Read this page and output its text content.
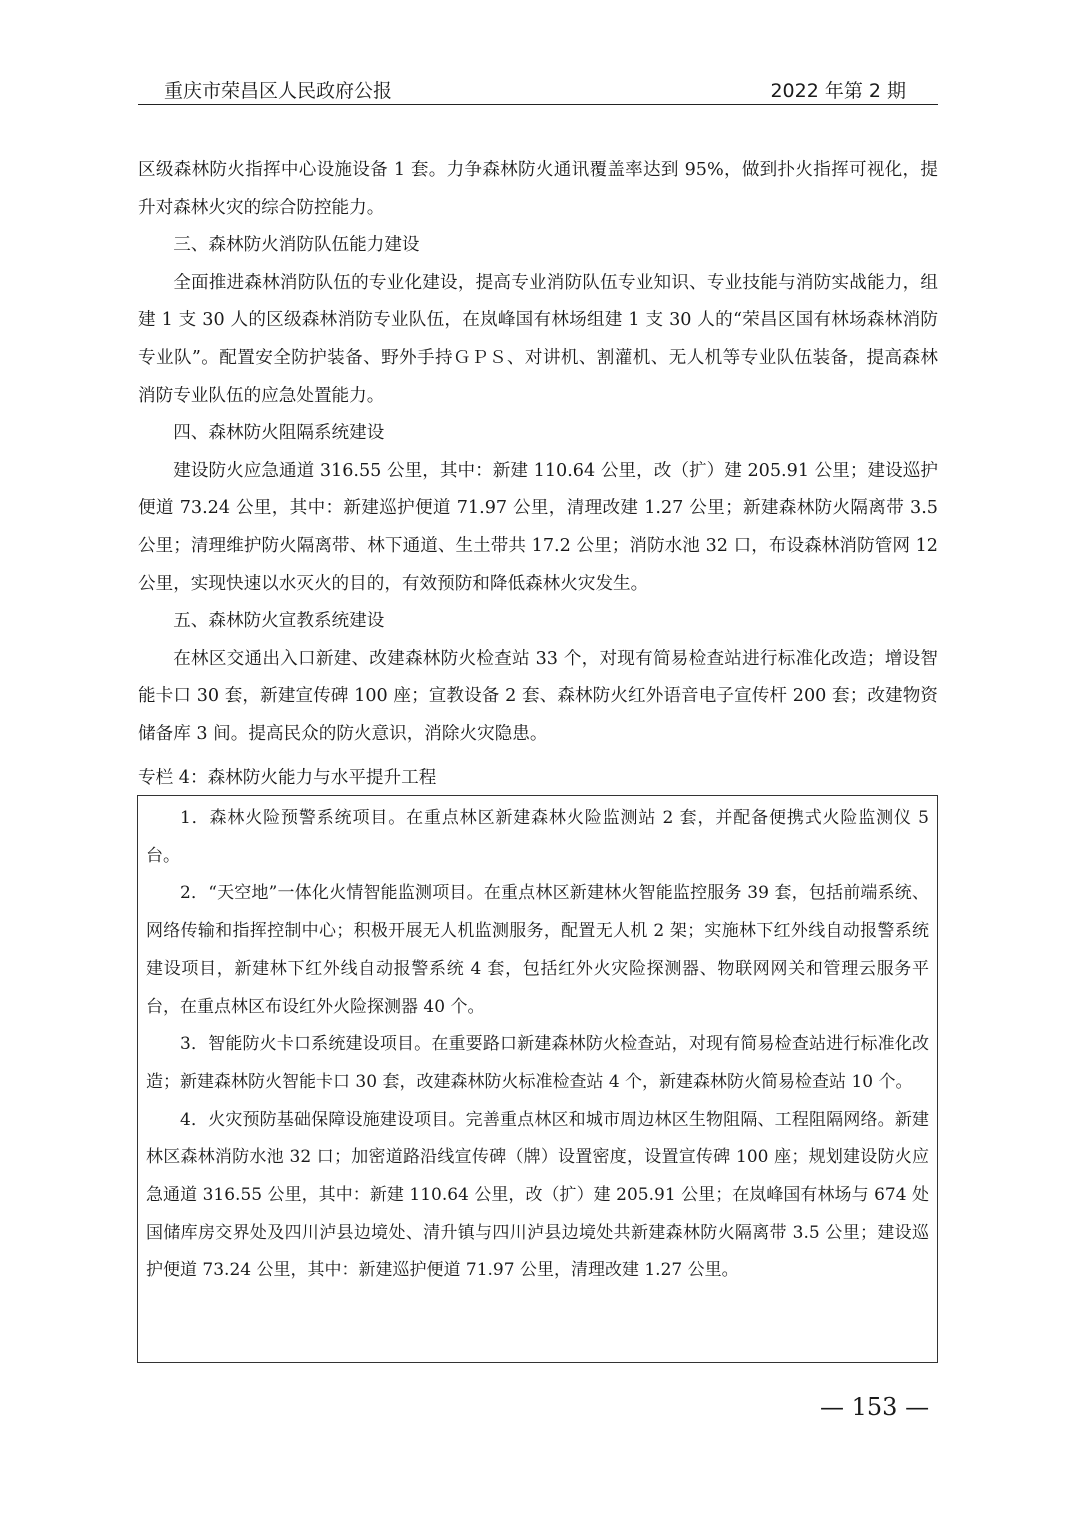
重庆市荣昌区人民政府公报	2022 年第 2 期

区级森林防火指挥中心设施设备 1 套。力争森林防火通讯覆盖率达到 95%，做到扑火指挥可视化，提升对森林火灾的综合防控能力。

三、森林防火消防队伍能力建设

全面推进森林消防队伍的专业化建设，提高专业消防队伍专业知识、专业技能与消防实战能力，组建 1 支 30 人的区级森林消防专业队伍，在岚峰国有林场组建 1 支 30 人的“荣昌区国有林场森林消防专业队”。配置安全防护装备、野外手持ＧＰＳ、对讲机、割灌机、无人机等专业队伍装备，提高森林消防专业队伍的应急处置能力。

四、森林防火阻隔系统建设

建设防火应急通道 316.55 公里，其中：新建 110.64 公里，改（扩）建 205.91 公里；建设巡护便道 73.24 公里，其中：新建巡护便道 71.97 公里，清理改建 1.27 公里；新建森林防火隔离带 3.5 公里；清理维护防火隔离带、林下通道、生土带共 17.2 公里；消防水池 32 口，布设森林消防管网 12 公里，实现快速以水灭火的目的，有效预防和降低森林火灾发生。

五、森林防火宣教系统建设

在林区交通出入口新建、改建森林防火检查站 33 个，对现有简易检查站进行标准化改造；增设智能卡口 30 套，新建宣传碑 100 座；宣教设备 2 套、森林防火红外语音电子宣传杆 200 套；改建物资储备库 3 间。提高民众的防火意识，消除火灾隐患。

专栏 4：森林防火能力与水平提升工程

1．森林火险预警系统项目。在重点林区新建森林火险监测站 2 套，并配备便携式火险监测仪 5 台。

2．“天空地”一体化火情智能监测项目。在重点林区新建林火智能监控服务 39 套，包括前端系统、网络传输和指挥控制中心；积极开展无人机监测服务，配置无人机 2 架；实施林下红外线自动报警系统建设项目，新建林下红外线自动报警系统 4 套，包括红外火灾险探测器、物联网网关和管理云服务平台，在重点林区布设红外火险探测器 40 个。

3．智能防火卡口系统建设项目。在重要路口新建森林防火检查站，对现有简易检查站进行标准化改造；新建森林防火智能卡口 30 套，改建森林防火标准检查站 4 个，新建森林防火简易检查站 10 个。

4．火灾预防基础保障设施建设项目。完善重点林区和城市周边林区生物阻隔、工程阻隔网络。新建林区森林消防水池 32 口；加密道路沿线宣传碑（牌）设置密度，设置宣传碑 100 座；规划建设防火应急通道 316.55 公里，其中：新建 110.64 公里，改（扩）建 205.91 公里；在岚峰国有林场与 674 处国储库房交界处及四川泸县边境处、清升镇与四川泸县边境处共新建森林防火隔离带 3.5 公里；建设巡护便道 73.24 公里，其中：新建巡护便道 71.97 公里，清理改建 1.27 公里。

— 153 —
